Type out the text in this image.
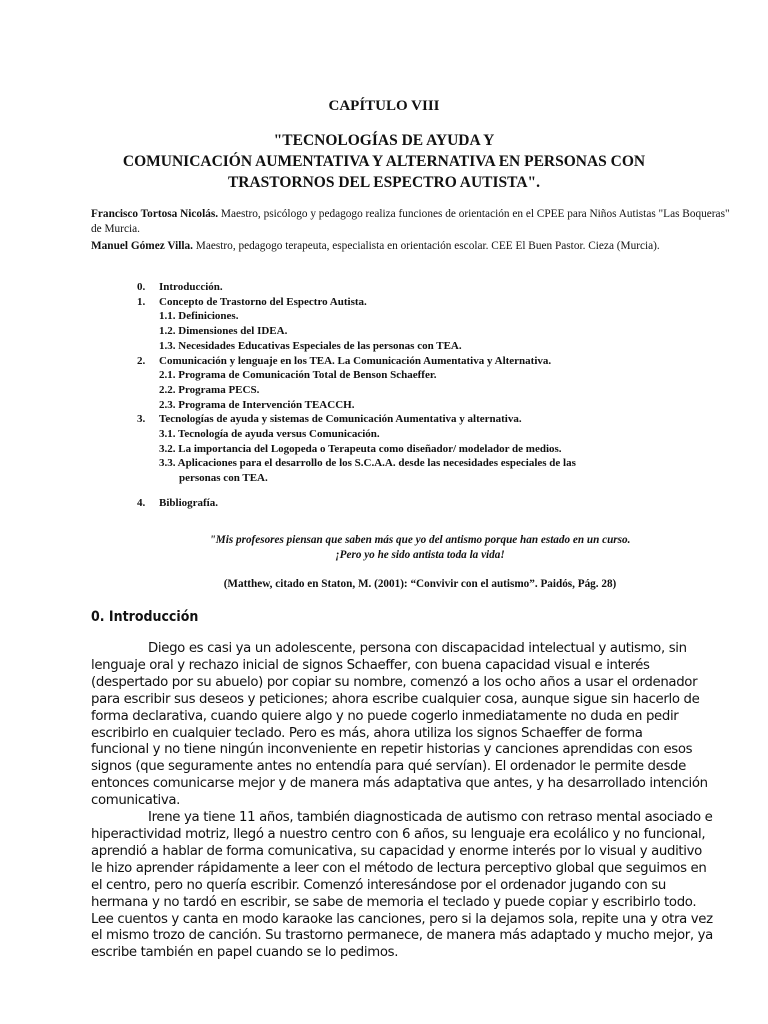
CAPÍTULO VIII
"TECNOLOGÍAS DE AYUDA Y
COMUNICACIÓN AUMENTATIVA Y ALTERNATIVA EN PERSONAS CON
TRASTORNOS DEL ESPECTRO AUTISTA".

Francisco Tortosa Nicolás. Maestro, psicólogo y pedagogo realiza funciones de orientación en el CPEE para Niños Autistas "Las Boqueras" de Murcia.

Manuel Gómez Villa. Maestro, pedagogo terapeuta, especialista en orientación escolar. CEE El Buen Pastor. Cieza (Murcia).

0.	Introducción.
1.	Concepto de Trastorno del Espectro Autista.
1.1. Definiciones.
1.2. Dimensiones del IDEA.
1.3. Necesidades Educativas Especiales de las personas con TEA.
2.	Comunicación y lenguaje en los TEA. La Comunicación Aumentativa y Alternativa.
2.1. Programa de Comunicación Total de Benson Schaeffer.
2.2. Programa PECS.
2.3. Programa de Intervención TEACCH.
3.	Tecnologías de ayuda y sistemas de Comunicación Aumentativa y alternativa.
3.1. Tecnología de ayuda versus Comunicación.
3.2. La importancia del Logopeda o Terapeuta como diseñador/ modelador de medios.
3.3. Aplicaciones para el desarrollo de los S.C.A.A. desde las necesidades especiales de las
personas con TEA.
4.	Bibliografía.
"Mis profesores piensan que saben más que yo del antismo porque han estado en un curso.
¡Pero yo he sido antista toda la vida!
(Matthew, citado en Staton, M. (2001): “Convivir con el autismo”. Paidós, Pág. 28)
0. Introducción
Diego es casi ya un adolescente, persona con discapacidad intelectual y autismo, sin
lenguaje oral y rechazo inicial de signos Schaeffer, con buena capacidad visual e interés
(despertado por su abuelo) por copiar su nombre, comenzó a los ocho años a usar el ordenador
para escribir sus deseos y peticiones; ahora escribe cualquier cosa, aunque sigue sin hacerlo de
forma declarativa, cuando quiere algo y no puede cogerlo inmediatamente no duda en pedir
escribirlo en cualquier teclado. Pero es más, ahora utiliza los signos Schaeffer de forma
funcional y no tiene ningún inconveniente en repetir historias y canciones aprendidas con esos
signos (que seguramente antes no entendía para qué servían). El ordenador le permite desde
entonces comunicarse mejor y de manera más adaptativa que antes, y ha desarrollado intención
comunicativa.
Irene ya tiene 11 años, también diagnosticada de autismo con retraso mental asociado e
hiperactividad motriz, llegó a nuestro centro con 6 años, su lenguaje era ecolálico y no funcional,
aprendió a hablar de forma comunicativa, su capacidad y enorme interés por lo visual y auditivo
le hizo aprender rápidamente a leer con el método de lectura perceptivo global que seguimos en
el centro, pero no quería escribir. Comenzó interesándose por el ordenador jugando con su
hermana y no tardó en escribir, se sabe de memoria el teclado y puede copiar y escribirlo todo.
Lee cuentos y canta en modo karaoke las canciones, pero si la dejamos sola, repite una y otra vez
el mismo trozo de canción. Su trastorno permanece, de manera más adaptado y mucho mejor, ya
escribe también en papel cuando se lo pedimos.
